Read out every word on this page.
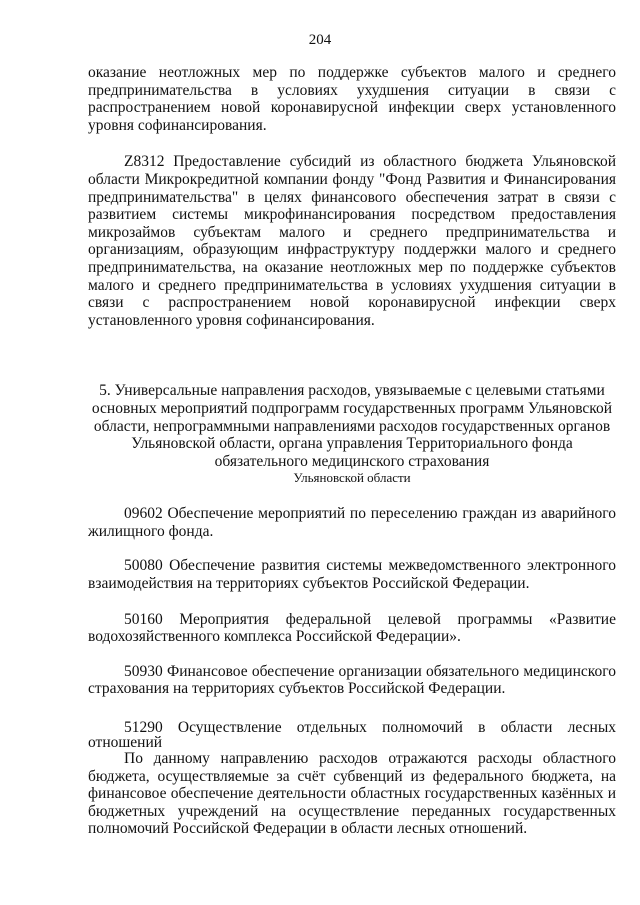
204

оказание неотложных мер по поддержке субъектов малого и среднего предпринимательства в условиях ухудшения ситуации в связи с распространением новой коронавирусной инфекции сверх установленного уровня софинансирования.

Z8312 Предоставление субсидий из областного бюджета Ульяновской области Микрокредитной компании фонду "Фонд Развития и Финансирования предпринимательства" в целях финансового обеспечения затрат в связи с развитием системы микрофинансирования посредством предоставления микрозаймов субъектам малого и среднего предпринимательства и организациям, образующим инфраструктуру поддержки малого и среднего предпринимательства, на оказание неотложных мер по поддержке субъектов малого и среднего предпринимательства в условиях ухудшения ситуации в связи с распространением новой коронавирусной инфекции сверх установленного уровня софинансирования.

5. Универсальные направления расходов, увязываемые с целевыми статьями основных мероприятий подпрограмм государственных программ Ульяновской области, непрограммными направлениями расходов государственных органов Ульяновской области, органа управления Территориального фонда обязательного медицинского страхования
Ульяновской области

09602 Обеспечение мероприятий по переселению граждан из аварийного жилищного фонда.

50080 Обеспечение развития системы межведомственного электронного взаимодействия на территориях субъектов Российской Федерации.

50160 Мероприятия федеральной целевой программы «Развитие водохозяйственного комплекса Российской Федерации».

50930 Финансовое обеспечение организации обязательного медицинского страхования на территориях субъектов Российской Федерации.

51290 Осуществление отдельных полномочий в области лесных отношений

По данному направлению расходов отражаются расходы областного бюджета, осуществляемые за счёт субвенций из федерального бюджета, на финансовое обеспечение деятельности областных государственных казённых и бюджетных учреждений на осуществление переданных государственных полномочий Российской Федерации в области лесных отношений.
